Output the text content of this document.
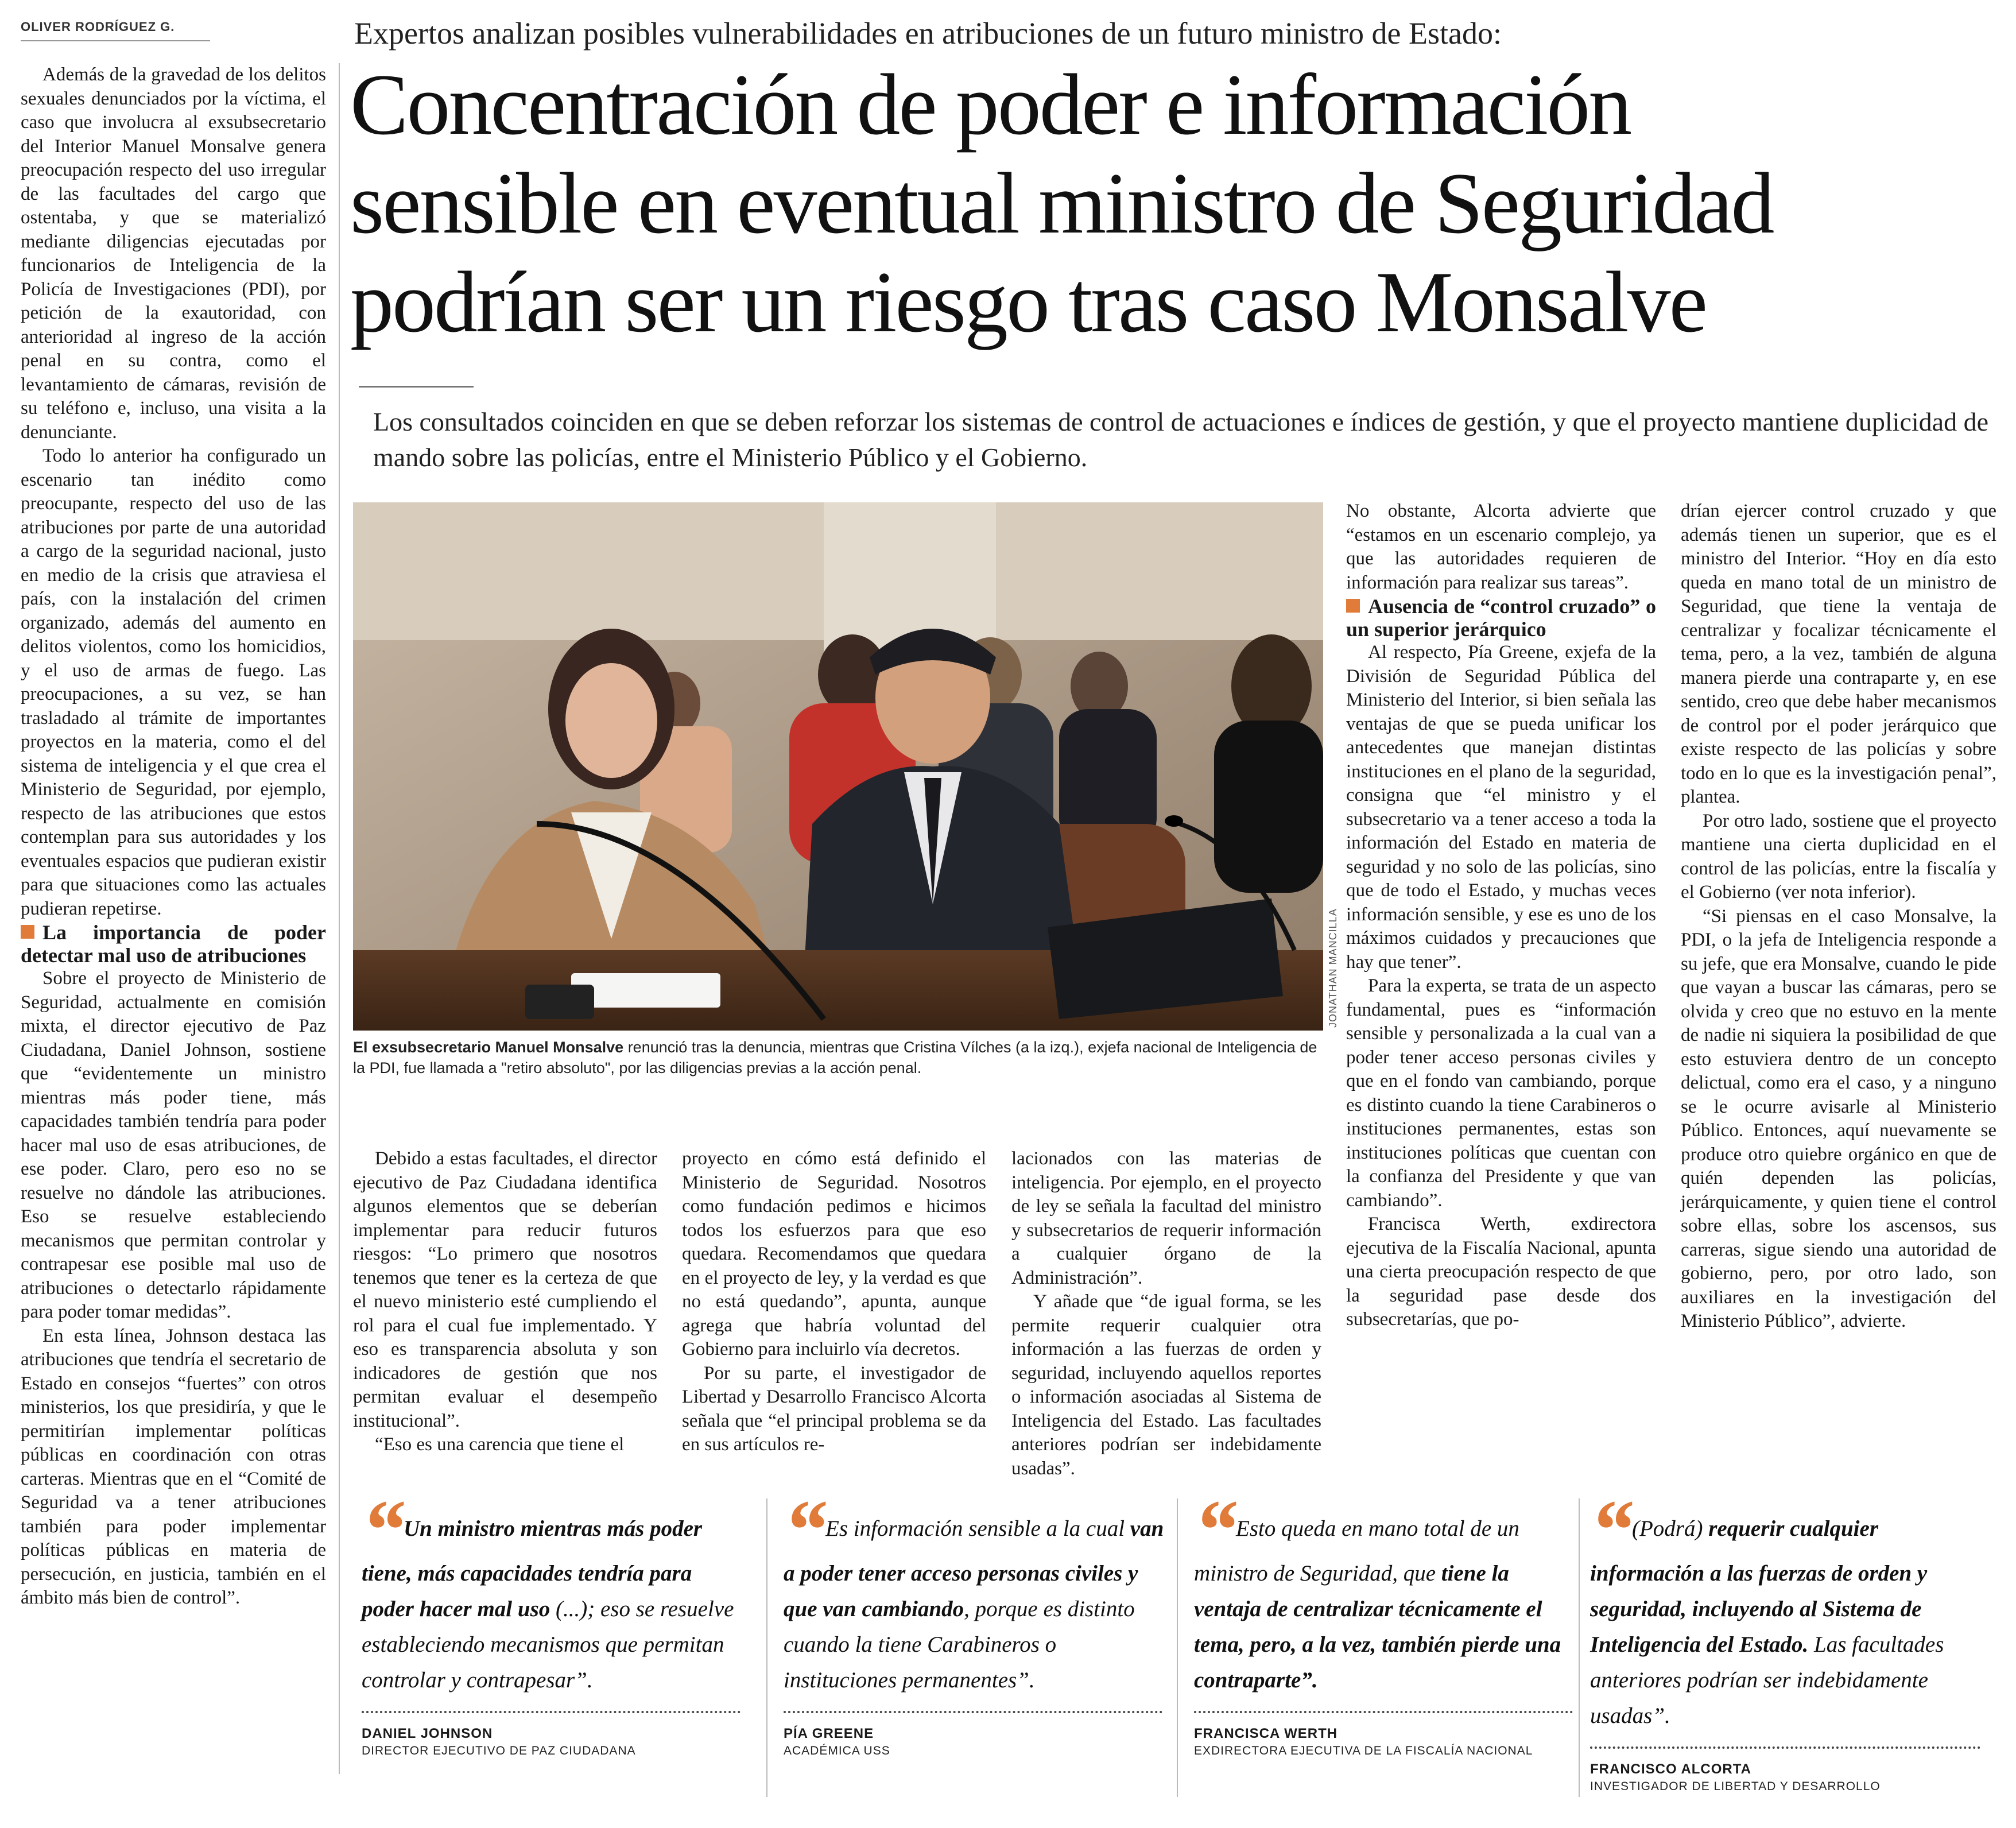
OLIVER RODRÍGUEZ G.	Expertos analizan posibles vulnerabilidades en atribuciones de un futuro ministro de Estado:
Concentración de poder e información
sensible en eventual ministro de Seguridad
podrían ser un riesgo tras caso Monsalve
Los consultados coinciden en que se deben reforzar los sistemas de control de actuaciones e índices de gestión, y que el proyecto mantiene duplicidad de mando sobre las policías, entre el Ministerio Público y el Gobierno.
JONATHAN MANCILLA
El exsubsecretario Manuel Monsalve renunció tras la denuncia, mientras que Cristina Vílches (a la izq.), exjefa nacional de Inteligencia de la PDI, fue llamada a "retiro absoluto", por las diligencias previas a la acción penal.

Además de la gravedad de los delitos sexuales denunciados por la víctima, el caso que involucra al exsubsecretario del Interior Manuel Monsalve genera preocupación respecto del uso irregular de las facultades del cargo que ostentaba, y que se materializó mediante diligencias ejecutadas por funcionarios de Inteligencia de la Policía de Investigaciones (PDI), por petición de la exautoridad, con anterioridad al ingreso de la acción penal en su contra, como el levantamiento de cámaras, revisión de su teléfono e, incluso, una visita a la denunciante.

Todo lo anterior ha configurado un escenario tan inédito como preocupante, respecto del uso de las atribuciones por parte de una autoridad a cargo de la seguridad nacional, justo en medio de la crisis que atraviesa el país, con la instalación del crimen organizado, además del aumento en delitos violentos, como los homicidios, y el uso de armas de fuego. Las preocupaciones, a su vez, se han trasladado al trámite de importantes proyectos en la materia, como el del sistema de inteligencia y el que crea el Ministerio de Seguridad, por ejemplo, respecto de las atribuciones que estos contemplan para sus autoridades y los eventuales espacios que pudieran existir para que situaciones como las actuales pudieran repetirse.

La importancia de poder detectar mal uso de atribuciones

Sobre el proyecto de Ministerio de Seguridad, actualmente en comisión mixta, el director ejecutivo de Paz Ciudadana, Daniel Johnson, sostiene que “evidentemente un ministro mientras más poder tiene, más capacidades también tendría para poder hacer mal uso de esas atribuciones, de ese poder. Claro, pero eso no se resuelve no dándole las atribuciones. Eso se resuelve estableciendo mecanismos que permitan controlar y contrapesar ese posible mal uso de atribuciones o detectarlo rápidamente para poder tomar medidas”.

En esta línea, Johnson destaca las atribuciones que tendría el secretario de Estado en consejos “fuertes” con otros ministerios, los que presidiría, y que le permitirían implementar políticas públicas en coordinación con otras carteras. Mientras que en el “Comité de Seguridad va a tener atribuciones también para poder implementar políticas públicas en materia de persecución, en justicia, también en el ámbito más bien de control”.

Debido a estas facultades, el director ejecutivo de Paz Ciudadana identifica algunos elementos que se deberían implementar para reducir futuros riesgos: “Lo primero que nosotros tenemos que tener es la certeza de que el nuevo ministerio esté cumpliendo el rol para el cual fue implementado. Y eso es transparencia absoluta y son indicadores de gestión que nos permitan evaluar el desempeño institucional”.

“Eso es una carencia que tiene el

proyecto en cómo está definido el Ministerio de Seguridad. Nosotros como fundación pedimos e hicimos todos los esfuerzos para que eso quedara. Recomendamos que quedara en el proyecto de ley, y la verdad es que no está quedando”, apunta, aunque agrega que habría voluntad del Gobierno para incluirlo vía decretos.

Por su parte, el investigador de Libertad y Desarrollo Francisco Alcorta señala que “el principal problema se da en sus artículos re-

lacionados con las materias de inteligencia. Por ejemplo, en el proyecto de ley se señala la facultad del ministro y subsecretarios de requerir información a cualquier órgano de la Administración”.

Y añade que “de igual forma, se les permite requerir cualquier otra información a las fuerzas de orden y seguridad, incluyendo aquellos reportes o información asociadas al Sistema de Inteligencia del Estado. Las facultades anteriores podrían ser indebidamente usadas”.

No obstante, Alcorta advierte que “estamos en un escenario complejo, ya que las autoridades requieren de información para realizar sus tareas”.

Ausencia de “control cruzado” o un superior jerárquico

Al respecto, Pía Greene, exjefa de la División de Seguridad Pública del Ministerio del Interior, si bien señala las ventajas de que se pueda unificar los antecedentes que manejan distintas instituciones en el plano de la seguridad, consigna que “el ministro y el subsecretario va a tener acceso a toda la información del Estado en materia de seguridad y no solo de las policías, sino que de todo el Estado, y muchas veces información sensible, y ese es uno de los máximos cuidados y precauciones que hay que tener”.

Para la experta, se trata de un aspecto fundamental, pues es “información sensible y personalizada a la cual van a poder tener acceso personas civiles y que en el fondo van cambiando, porque es distinto cuando la tiene Carabineros o instituciones permanentes, estas son instituciones políticas que cuentan con la confianza del Presidente y que van cambiando”.

Francisca Werth, exdirectora ejecutiva de la Fiscalía Nacional, apunta una cierta preocupación respecto de que la seguridad pase desde dos subsecretarías, que po-

drían ejercer control cruzado y que además tienen un superior, que es el ministro del Interior. “Hoy en día esto queda en mano total de un ministro de Seguridad, que tiene la ventaja de centralizar y focalizar técnicamente el tema, pero, a la vez, también de alguna manera pierde una contraparte y, en ese sentido, creo que debe haber mecanismos de control por el poder jerárquico que existe respecto de las policías y sobre todo en lo que es la investigación penal”, plantea.

Por otro lado, sostiene que el proyecto mantiene una cierta duplicidad en el control de las policías, entre la fiscalía y el Gobierno (ver nota inferior).

“Si piensas en el caso Monsalve, la PDI, o la jefa de Inteligencia responde a su jefe, que era Monsalve, cuando le pide que vayan a buscar las cámaras, pero se olvida y creo que no estuvo en la mente de nadie ni siquiera la posibilidad de que esto estuviera dentro de un concepto delictual, como era el caso, y a ninguno se le ocurre avisarle al Ministerio Público. Entonces, aquí nuevamente se produce otro quiebre orgánico en que de quién dependen las policías, jerárquicamente, y quien tiene el control sobre ellas, sobre los ascensos, sus carreras, sigue siendo una autoridad de gobierno, pero, por otro lado, son auxiliares en la investigación del Ministerio Público”, advierte.

“ Un ministro mientras más poder tiene, más capacidades tendría para poder hacer mal uso (...); eso se resuelve estableciendo mecanismos que permitan controlar y contrapesar”.
DANIEL JOHNSON
DIRECTOR EJECUTIVO DE PAZ CIUDADANA
“ Es información sensible a la cual van a poder tener acceso personas civiles y que van cambiando, porque es distinto cuando la tiene Carabineros o instituciones permanentes”.
PÍA GREENE
ACADÉMICA USS
“ Esto queda en mano total de un ministro de Seguridad, que tiene la ventaja de centralizar técnicamente el tema, pero, a la vez, también pierde una contraparte”.
FRANCISCA WERTH
EXDIRECTORA EJECUTIVA DE LA FISCALÍA NACIONAL
“ (Podrá) requerir cualquier información a las fuerzas de orden y seguridad, incluyendo al Sistema de Inteligencia del Estado. Las facultades anteriores podrían ser indebidamente usadas”.
FRANCISCO ALCORTA
INVESTIGADOR DE LIBERTAD Y DESARROLLO
